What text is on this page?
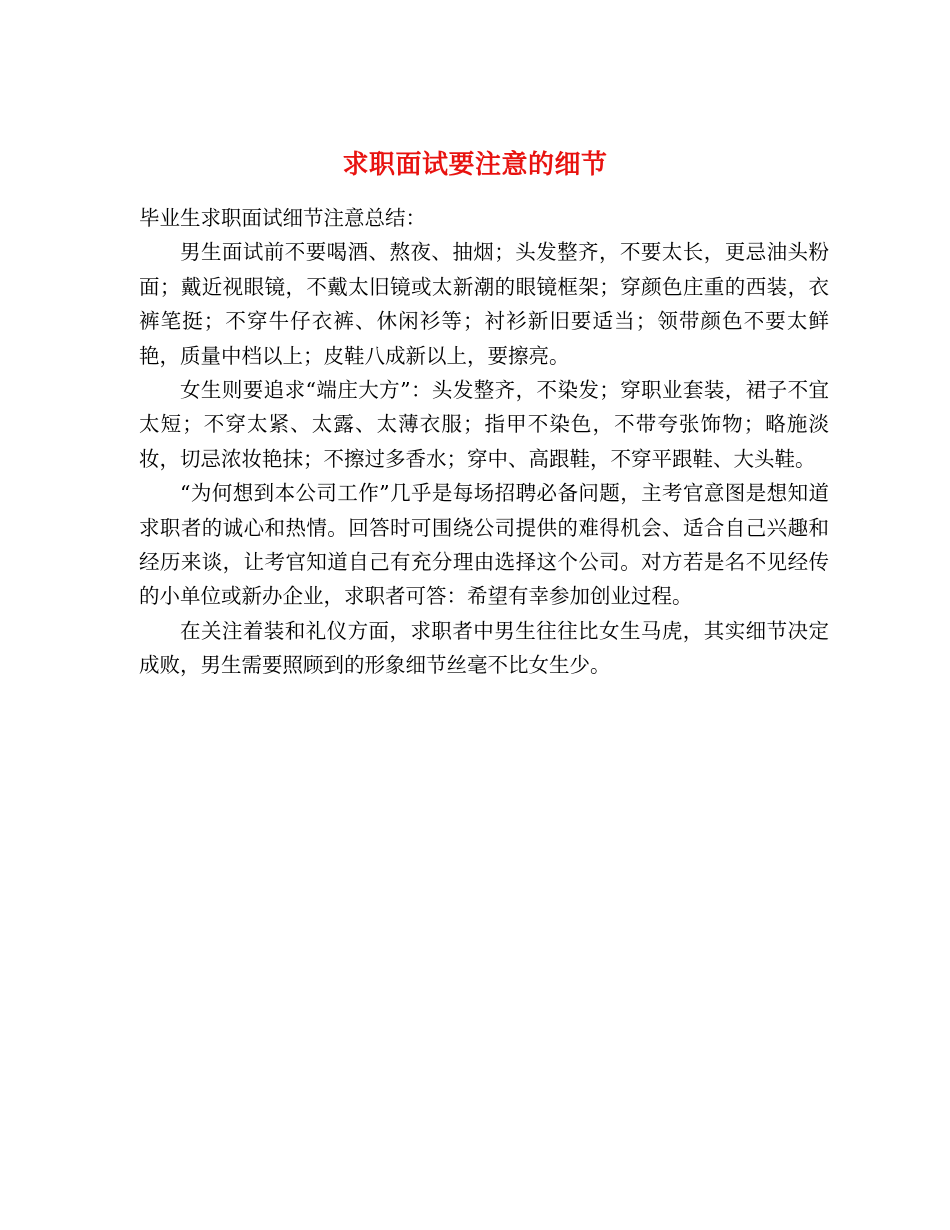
求职面试要注意的细节

毕业生求职面试细节注意总结：

男生面试前不要喝酒、熬夜、抽烟；头发整齐，不要太长，更忌油头粉面；戴近视眼镜，不戴太旧镜或太新潮的眼镜框架；穿颜色庄重的西装，衣裤笔挺；不穿牛仔衣裤、休闲衫等；衬衫新旧要适当；领带颜色不要太鲜艳，质量中档以上；皮鞋八成新以上，要擦亮。

女生则要追求“端庄大方”：头发整齐，不染发；穿职业套装，裙子不宜太短；不穿太紧、太露、太薄衣服；指甲不染色，不带夸张饰物；略施淡妆，切忌浓妆艳抹；不擦过多香水；穿中、高跟鞋，不穿平跟鞋、大头鞋。

“为何想到本公司工作”几乎是每场招聘必备问题，主考官意图是想知道求职者的诚心和热情。回答时可围绕公司提供的难得机会、适合自己兴趣和经历来谈，让考官知道自己有充分理由选择这个公司。对方若是名不见经传的小单位或新办企业，求职者可答：希望有幸参加创业过程。

在关注着装和礼仪方面，求职者中男生往往比女生马虎，其实细节决定成败，男生需要照顾到的形象细节丝毫不比女生少。
